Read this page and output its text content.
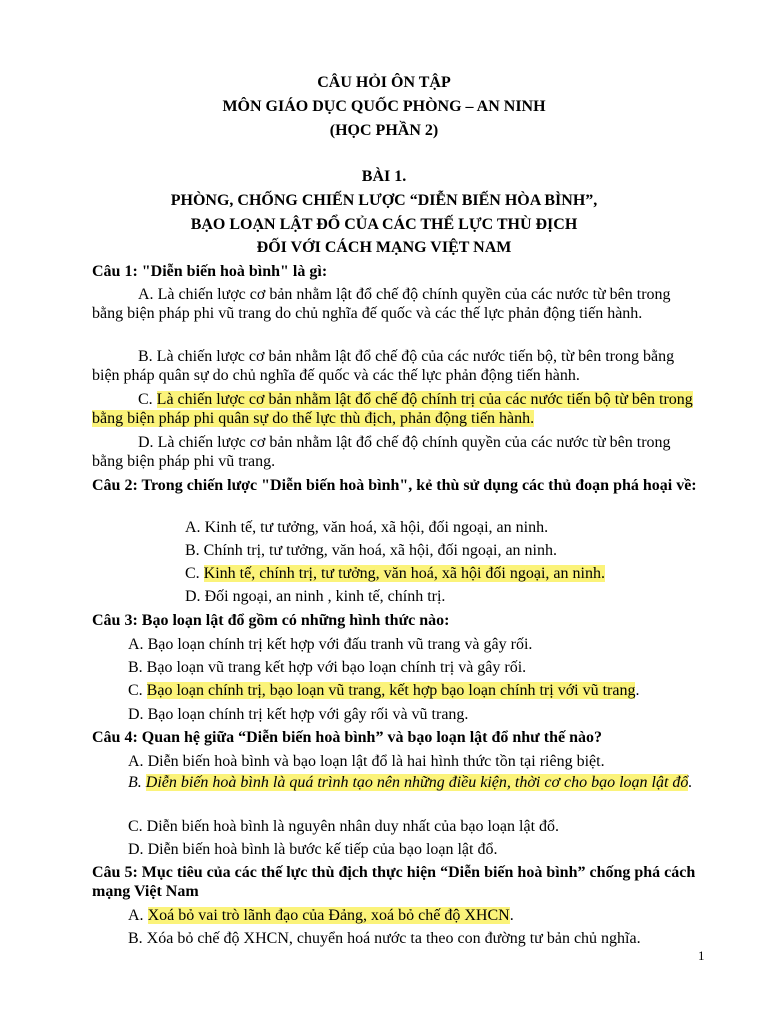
CÂU HỎI ÔN TẬP

MÔN GIÁO DỤC QUỐC PHÒNG – AN NINH

(HỌC PHẦN 2)

BÀI 1.

PHÒNG, CHỐNG CHIẾN LƯỢC “DIỄN BIẾN HÒA BÌNH”,

BẠO LOẠN LẬT ĐỔ CỦA CÁC THẾ LỰC THÙ ĐỊCH

ĐỐI VỚI CÁCH MẠNG VIỆT NAM

Câu 1: "Diễn biến hoà bình" là gì:

A. Là chiến lược cơ bản nhằm lật đổ chế độ chính quyền của các nước từ bên trong bằng biện pháp phi vũ trang do chủ nghĩa đế quốc và các thế lực phản động tiến hành.

B. Là chiến lược cơ bản nhằm lật đổ chế độ của các nước tiến bộ, từ bên trong bằng biện pháp quân sự do chủ nghĩa đế quốc và các thế lực phản động tiến hành.

C. Là chiến lược cơ bản nhằm lật đổ chế độ chính trị của các nước tiến bộ từ bên trong bằng biện pháp phi quân sự do thế lực thù địch, phản động tiến hành.

D. Là chiến lược cơ bản nhằm lật đổ chế độ chính quyền của các nước từ bên trong bằng biện pháp phi vũ trang.

Câu 2: Trong chiến lược "Diễn biến hoà bình", kẻ thù sử dụng các thủ đoạn phá hoại về:

A. Kinh tế, tư tưởng, văn hoá, xã hội, đối ngoại, an ninh.

B. Chính trị, tư tưởng, văn hoá, xã hội, đối ngoại, an ninh.

C. Kinh tế, chính trị, tư tưởng, văn hoá, xã hội đối ngoại, an ninh.

D. Đối ngoại, an ninh , kinh tế, chính trị.

Câu 3: Bạo loạn lật đổ gồm có những hình thức nào:

A. Bạo loạn chính trị kết hợp với đấu tranh vũ trang và gây rối.

B. Bạo loạn vũ trang kết hợp với bạo loạn chính trị và gây rối.

C. Bạo loạn chính trị, bạo loạn vũ trang, kết hợp bạo loạn chính trị với vũ trang.

D. Bạo loạn chính trị kết hợp với gây rối và vũ trang.

Câu 4: Quan hệ giữa “Diễn biến hoà bình” và bạo loạn lật đổ như thế nào?

A. Diễn biến hoà bình và bạo loạn lật đổ là hai hình thức tồn tại riêng biệt.

B. Diễn biến hoà bình là quá trình tạo nên những điều kiện, thời cơ cho bạo loạn lật đổ.

C. Diễn biến hoà bình là nguyên nhân duy nhất của bạo loạn lật đổ.

D. Diễn biến hoà bình là bước kế tiếp của bạo loạn lật đổ.

Câu 5: Mục tiêu của các thế lực thù địch thực hiện “Diễn biến hoà bình” chống phá cách mạng Việt Nam

A. Xoá bỏ vai trò lãnh đạo của Đảng, xoá bỏ chế độ XHCN.

B. Xóa bỏ chế độ XHCN, chuyển hoá nước ta theo con đường tư bản chủ nghĩa.

1
